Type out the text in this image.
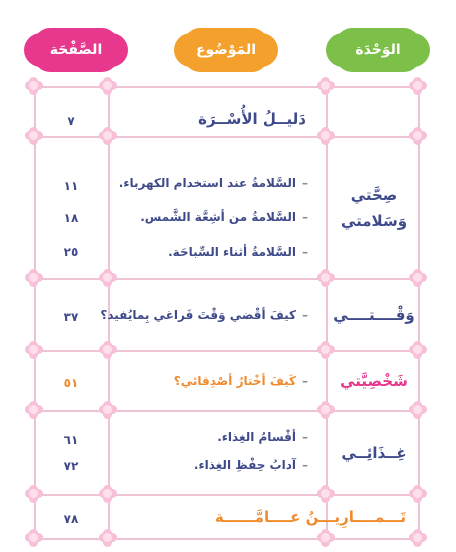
الوَحْدَة
المَوْضُوع
الصَّفْحَة
دَليــلُ الأُسْــرَة
٧
صِحَّتي
وَسَلامتي
–السَّلامةُ عند استخدام الكهرباء.
١١
–السَّلامةُ من أشِعَّة الشَّمس.
١٨
–السَّلامةُ أثناء السِّباحَة.
٢٥
وَقْــــتــــي
–كيفَ أقْضي وَقْتَ فَراغي بِمايُفيد؟
٣٧
شَخْصِيَّتي
–كَيفَ أخْتارُ أصْدِقائي؟
٥١
غِــذَائِــي
–أقْسامُ الغِذاء.
٦١
–آدابُ حِفْظِ الغِذاء.
٧٢
تَـــمــــارِيـــنُ عــــامَّــــــة
٧٨
